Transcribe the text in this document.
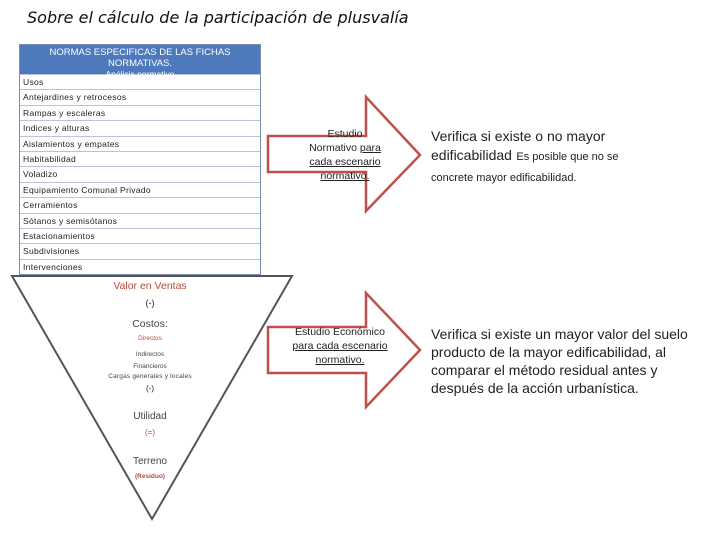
Sobre el cálculo de la participación de plusvalía
NORMAS ESPECIFICAS DE LAS FICHAS NORMATIVAS.
Análisis normativo
Usos
Antejardines y retrocesos
Rampas y escaleras
Indices y alturas
Aislamientos y empates
Habitabilidad
Voladizo
Equipamiento Comunal Privado
Cerramientos
Sótanos y semisótanos
Estacionamientos
Subdivisiones
Intervenciones
Estudio
Normativo para
cada escenario
normativo.
Estudio Económico
para cada escenario
normativo.
Verifica si existe o no mayor
edificabilidad Es posible que no se
concrete mayor edificabilidad.
Verifica si existe un mayor valor del suelo producto de la mayor edificabilidad, al comparar el método residual antes y después de la acción urbanística.
Valor en Ventas
(-)
Costos:
Directos
Indirectos
Financieros
Cargas generales y locales
(-)
Utilidad
(=)
Terreno
(Residuo)
